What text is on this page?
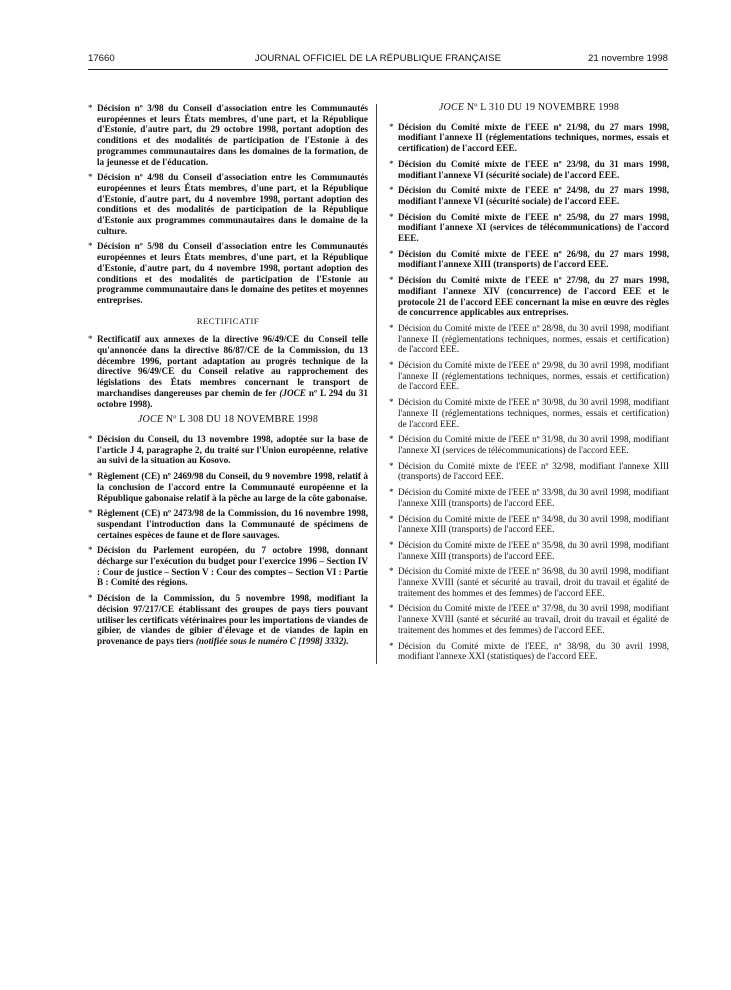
17660	JOURNAL OFFICIEL DE LA RÉPUBLIQUE FRANÇAISE	21 novembre 1998
* Décision nº 3/98 du Conseil d'association entre les Communautés européennes et leurs États membres, d'une part, et la République d'Estonie, d'autre part, du 29 octobre 1998, portant adoption des conditions et des modalités de participation de l'Estonie à des programmes communautaires dans les domaines de la formation, de la jeunesse et de l'éducation.
* Décision nº 4/98 du Conseil d'association entre les Communautés européennes et leurs États membres, d'une part, et la République d'Estonie, d'autre part, du 4 novembre 1998, portant adoption des conditions et des modalités de participation de la République d'Estonie aux programmes communautaires dans le domaine de la culture.
* Décision nº 5/98 du Conseil d'association entre les Communautés européennes et leurs États membres, d'une part, et la République d'Estonie, d'autre part, du 4 novembre 1998, portant adoption des conditions et des modalités de participation de l'Estonie au programme communautaire dans le domaine des petites et moyennes entreprises.
RECTIFICATIF
* Rectificatif aux annexes de la directive 96/49/CE du Conseil telle qu'annoncée dans la directive 86/87/CE de la Commission, du 13 décembre 1996, portant adaptation au progrès technique de la directive 96/49/CE du Conseil relative au rapprochement des législations des États membres concernant le transport de marchandises dangereuses par chemin de fer (JOCE nº L 294 du 31 octobre 1998).
JOCE Nº L 308 DU 18 NOVEMBRE 1998
* Décision du Conseil, du 13 novembre 1998, adoptée sur la base de l'article J 4, paragraphe 2, du traité sur l'Union européenne, relative au suivi de la situation au Kosovo.
* Règlement (CE) nº 2469/98 du Conseil, du 9 novembre 1998, relatif à la conclusion de l'accord entre la Communauté européenne et la République gabonaise relatif à la pêche au large de la côte gabonaise.
* Règlement (CE) nº 2473/98 de la Commission, du 16 novembre 1998, suspendant l'introduction dans la Communauté de spécimens de certaines espèces de faune et de flore sauvages.
* Décision du Parlement européen, du 7 octobre 1998, donnant décharge sur l'exécution du budget pour l'exercice 1996 – Section IV : Cour de justice – Section V : Cour des comptes – Section VI : Partie B : Comité des régions.
* Décision de la Commission, du 5 novembre 1998, modifiant la décision 97/217/CE établissant des groupes de pays tiers pouvant utiliser les certificats vétérinaires pour les importations de viandes de gibier, de viandes de gibier d'élevage et de viandes de lapin en provenance de pays tiers (notifiée sous le numéro C [1998] 3332).
JOCE Nº L 310 DU 19 NOVEMBRE 1998
* Décision du Comité mixte de l'EEE nº 21/98, du 27 mars 1998, modifiant l'annexe II (réglementations techniques, normes, essais et certification) de l'accord EEE.
* Décision du Comité mixte de l'EEE nº 23/98, du 31 mars 1998, modifiant l'annexe VI (sécurité sociale) de l'accord EEE.
* Décision du Comité mixte de l'EEE nº 24/98, du 27 mars 1998, modifiant l'annexe VI (sécurité sociale) de l'accord EEE.
* Décision du Comité mixte de l'EEE nº 25/98, du 27 mars 1998, modifiant l'annexe XI (services de télécommunications) de l'accord EEE.
* Décision du Comité mixte de l'EEE nº 26/98, du 27 mars 1998, modifiant l'annexe XIII (transports) de l'accord EEE.
* Décision du Comité mixte de l'EEE nº 27/98, du 27 mars 1998, modifiant l'annexe XIV (concurrence) de l'accord EEE et le protocole 21 de l'accord EEE concernant la mise en œuvre des règles de concurrence applicables aux entreprises.
* Décision du Comité mixte de l'EEE nº 28/98, du 30 avril 1998, modifiant l'annexe II (réglementations techniques, normes, essais et certification) de l'accord EEE.
* Décision du Comité mixte de l'EEE nº 29/98, du 30 avril 1998, modifiant l'annexe II (réglementations techniques, normes, essais et certification) de l'accord EEE.
* Décision du Comité mixte de l'EEE nº 30/98, du 30 avril 1998, modifiant l'annexe II (réglementations techniques, normes, essais et certification) de l'accord EEE.
* Décision du Comité mixte de l'EEE nº 31/98, du 30 avril 1998, modifiant l'annexe XI (services de télécommunications) de l'accord EEE.
* Décision du Comité mixte de l'EEE nº 32/98, modifiant l'annexe XIII (transports) de l'accord EEE.
* Décision du Comité mixte de l'EEE nº 33/98, du 30 avril 1998, modifiant l'annexe XIII (transports) de l'accord EEE.
* Décision du Comité mixte de l'EEE nº 34/98, du 30 avril 1998, modifiant l'annexe XIII (transports) de l'accord EEE.
* Décision du Comité mixte de l'EEE nº 35/98, du 30 avril 1998, modifiant l'annexe XIII (transports) de l'accord EEE.
* Décision du Comité mixte de l'EEE nº 36/98, du 30 avril 1998, modifiant l'annexe XVIII (santé et sécurité au travail, droit du travail et égalité de traitement des hommes et des femmes) de l'accord EEE.
* Décision du Comité mixte de l'EEE nº 37/98, du 30 avril 1998, modifiant l'annexe XVIII (santé et sécurité au travail, droit du travail et égalité de traitement des hommes et des femmes) de l'accord EEE.
* Décision du Comité mixte de l'EEE, nº 38/98, du 30 avril 1998, modifiant l'annexe XXI (statistiques) de l'accord EEE.
